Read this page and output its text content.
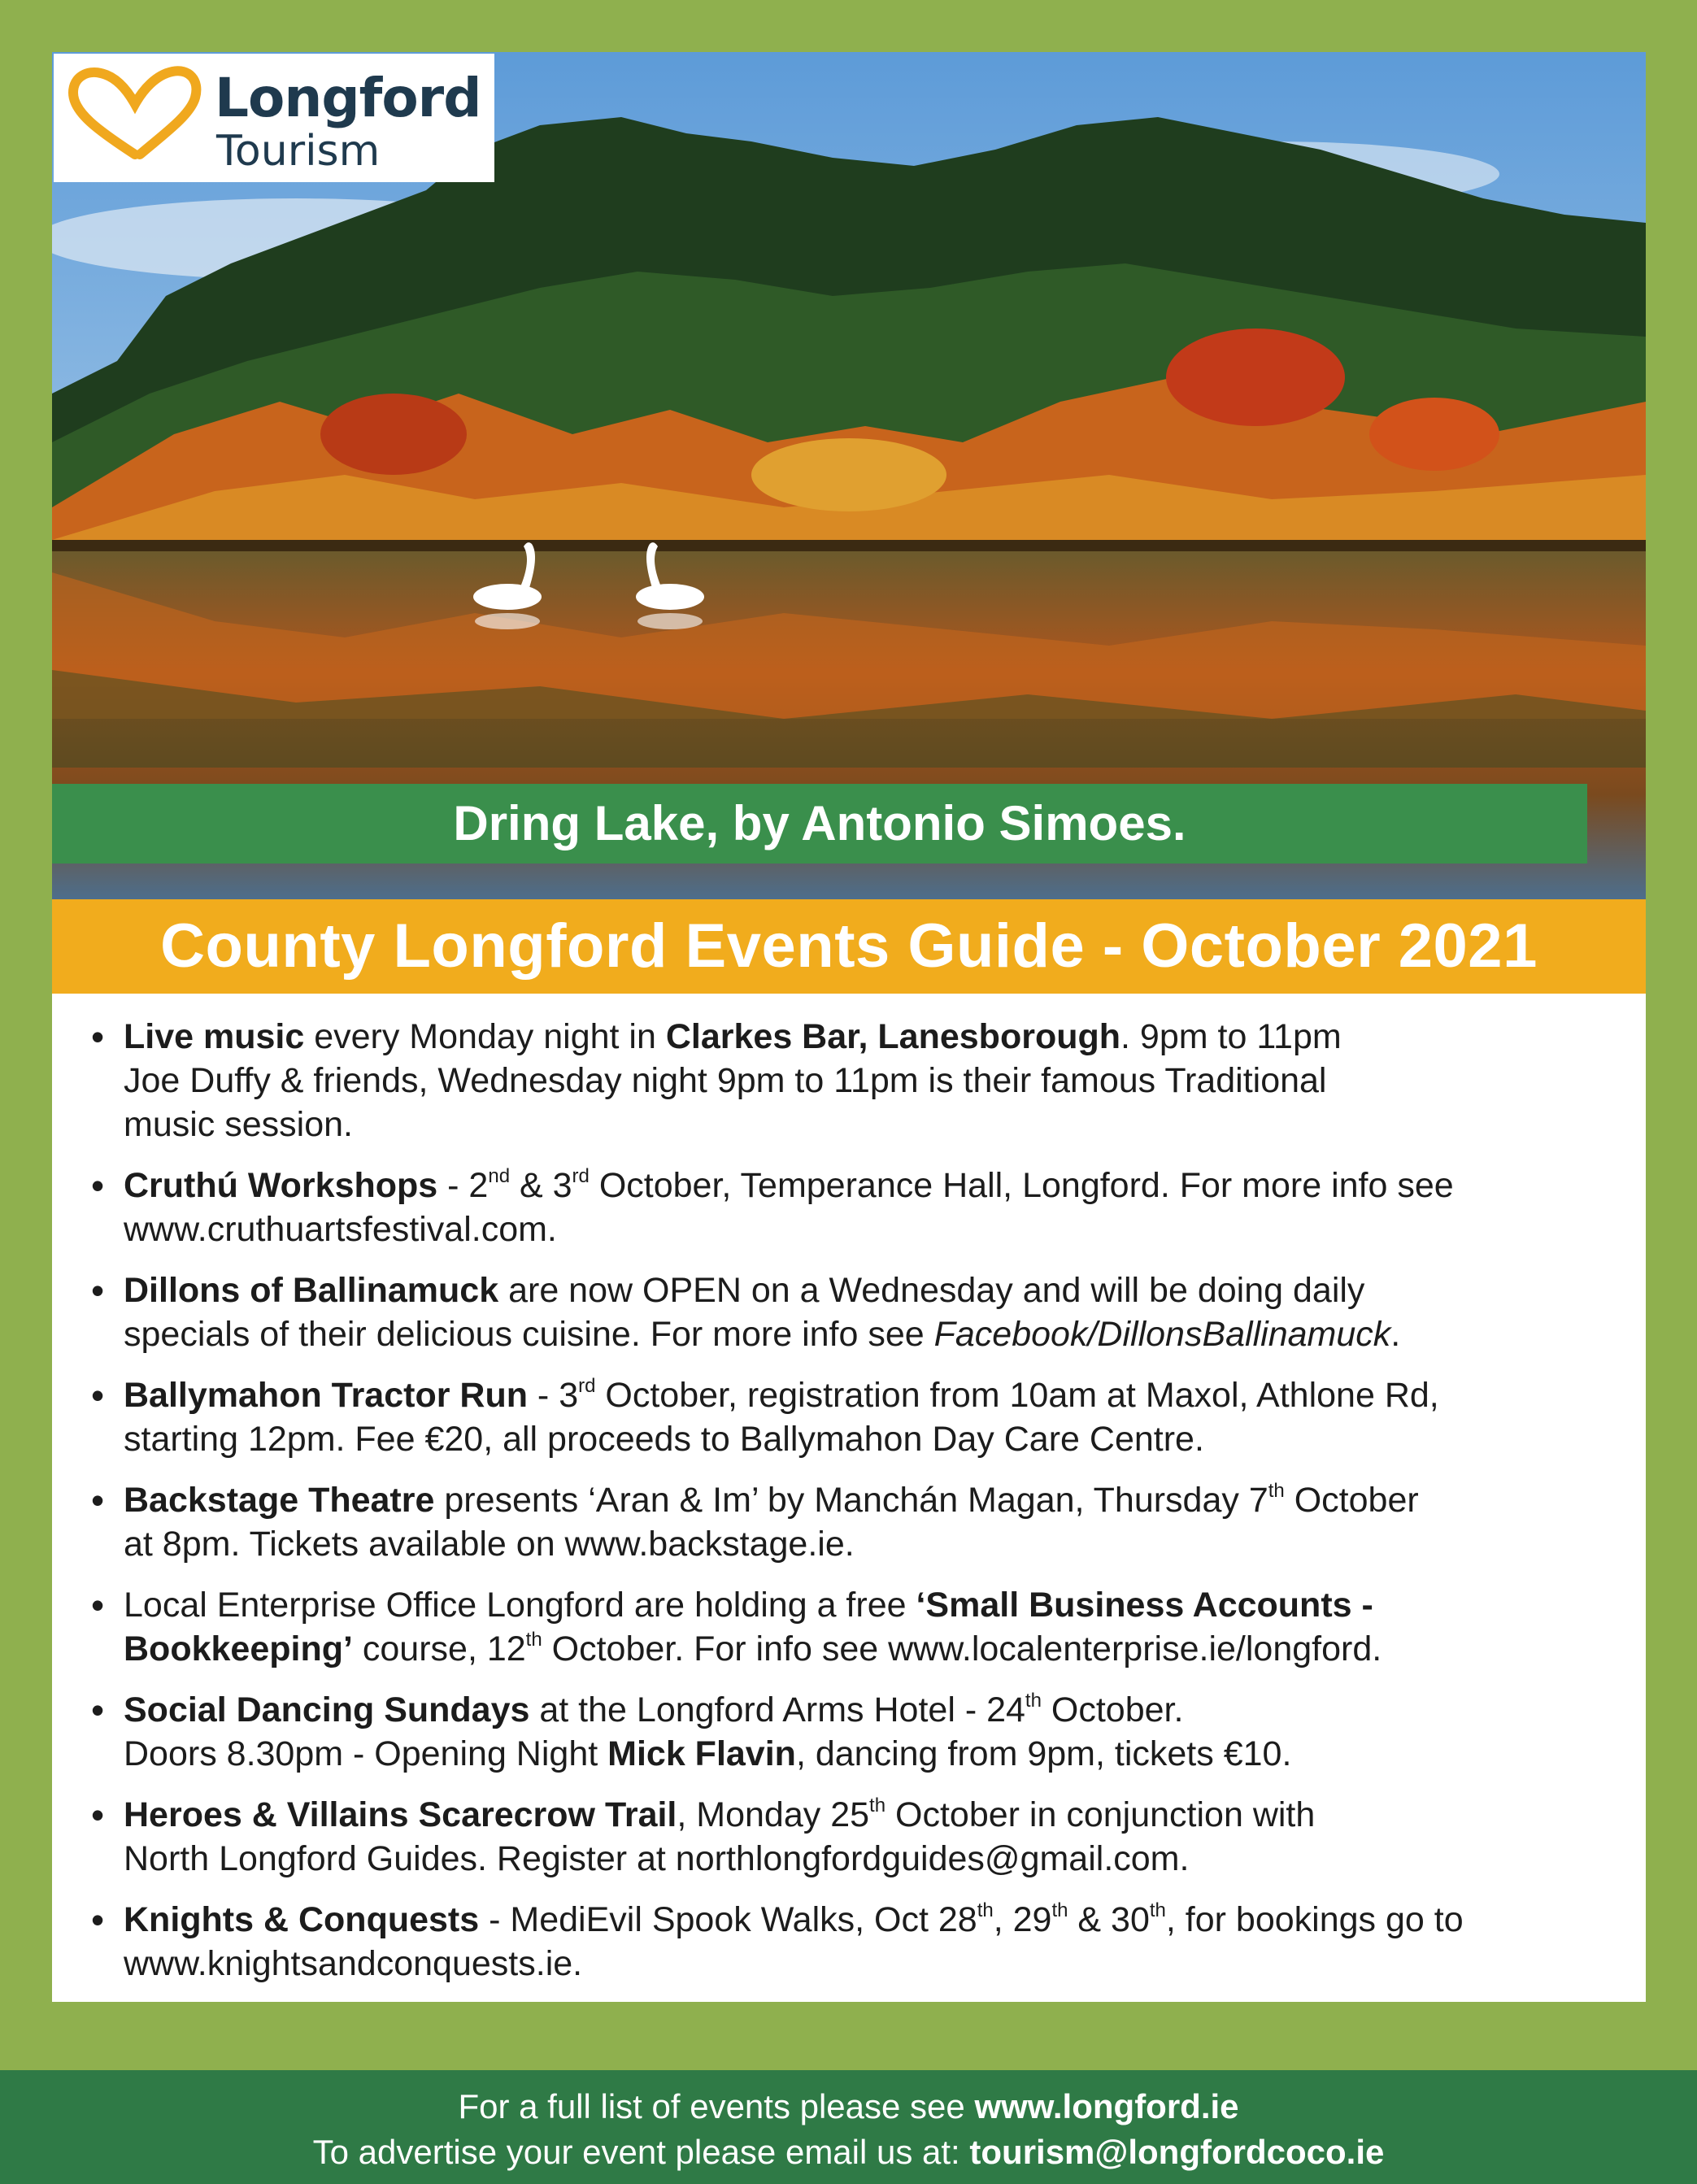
Longford
Tourism
Dring Lake, by Antonio Simoes.
County Longford Events Guide - October 2021
• Live music every Monday night in Clarkes Bar, Lanesborough. 9pm to 11pm
Joe Duffy & friends, Wednesday night 9pm to 11pm is their famous Traditional
music session.
• Cruthú Workshops - 2nd & 3rd October, Temperance Hall, Longford. For more info see
www.cruthuartsfestival.com.
• Dillons of Ballinamuck are now OPEN on a Wednesday and will be doing daily
specials of their delicious cuisine. For more info see Facebook/DillonsBallinamuck.
• Ballymahon Tractor Run - 3rd October, registration from 10am at Maxol, Athlone Rd,
starting 12pm. Fee €20, all proceeds to Ballymahon Day Care Centre.
• Backstage Theatre presents ‘Aran & Im’ by Manchán Magan, Thursday 7th October
at 8pm. Tickets available on www.backstage.ie.
• Local Enterprise Office Longford are holding a free ‘Small Business Accounts -
Bookkeeping’ course, 12th October. For info see www.localenterprise.ie/longford.
• Social Dancing Sundays at the Longford Arms Hotel - 24th October.
Doors 8.30pm - Opening Night Mick Flavin, dancing from 9pm, tickets €10.
• Heroes & Villains Scarecrow Trail, Monday 25th October in conjunction with
North Longford Guides. Register at northlongfordguides@gmail.com.
• Knights & Conquests - MediEvil Spook Walks, Oct 28th, 29th & 30th, for bookings go to
www.knightsandconquests.ie.
For a full list of events please see www.longford.ie
To advertise your event please email us at: tourism@longfordcoco.ie
